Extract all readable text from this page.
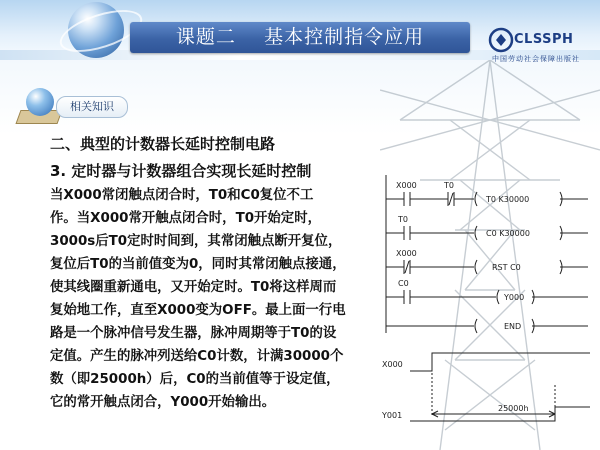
课题二    基本控制指令应用	CLSSPH
中国劳动社会保障出版社
相关知识
二、典型的计数器长延时控制电路
3. 定时器与计数器组合实现长延时控制
当X000常闭触点闭合时，T0和C0复位不工
作。当X000常开触点闭合时，T0开始定时，
3000s后T0定时时间到，其常闭触点断开复位，
复位后T0的当前值变为0，同时其常闭触点接通，
使其线圈重新通电，又开始定时。T0将这样周而
复始地工作，直至X000变为OFF。最上面一行电
路是一个脉冲信号发生器，脉冲周期等于T0的设
定值。产生的脉冲列送给C0计数，计满30000个
数（即25000h）后，C0的当前值等于设定值，
它的常开触点闭合，Y000开始输出。
X000	T0
T0 K30000
T0
C0 K30000
X000
RST C0
C0
Y000
END
X000
Y001
25000h
